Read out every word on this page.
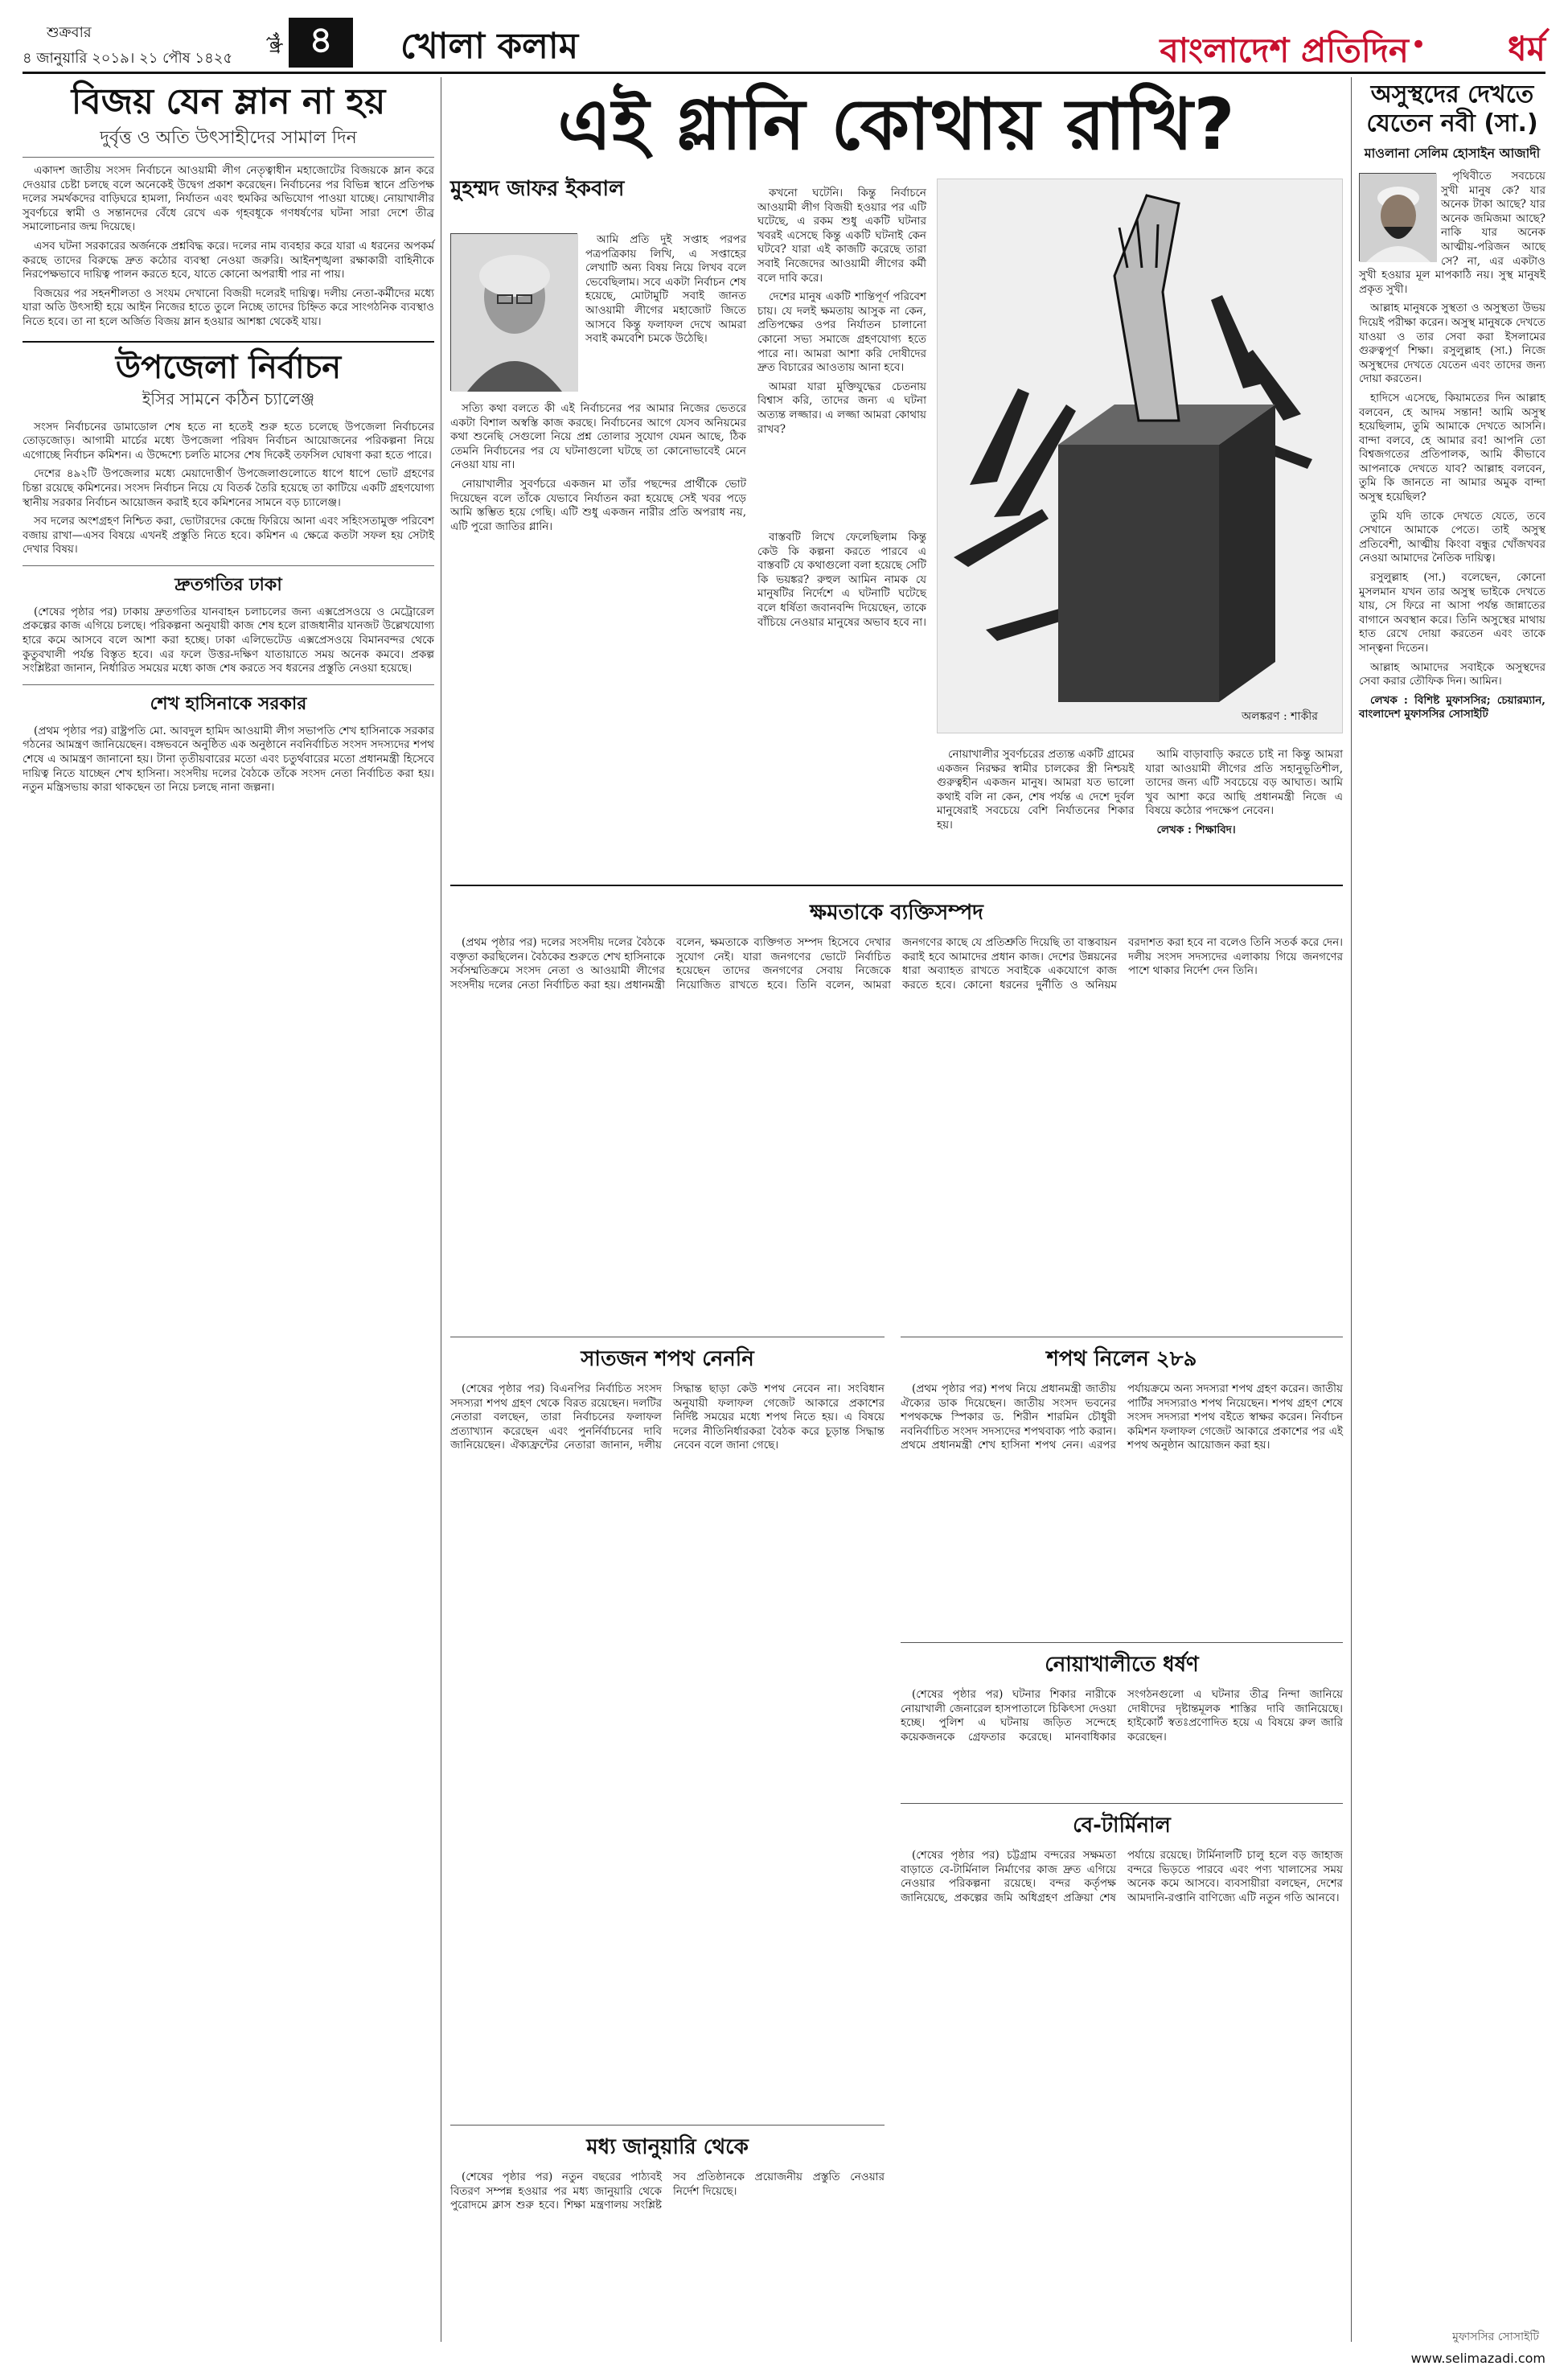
শুক্রবার
৪ জানুয়ারি ২০১৯। ২১ পৌষ ১৪২৫
পৃষ্ঠা ৪	খোলা কলাম	বাংলাদেশ প্রতিদিন • ধর্ম
বিজয় যেন ম্লান না হয়
দুর্বৃত্ত ও অতি উৎসাহীদের সামাল দিন

একাদশ জাতীয় সংসদ নির্বাচনে আওয়ামী লীগ নেতৃত্বাধীন মহাজোটের বিজয়কে ম্লান করে দেওয়ার চেষ্টা চলছে বলে অনেকেই উদ্বেগ প্রকাশ করেছেন। নির্বাচনের পর বিভিন্ন স্থানে প্রতিপক্ষ দলের সমর্থকদের বাড়িঘরে হামলা, নির্যাতন এবং হুমকির অভিযোগ পাওয়া যাচ্ছে। নোয়াখালীর সুবর্ণচরে স্বামী ও সন্তানদের বেঁধে রেখে এক গৃহবধূকে গণধর্ষণের ঘটনা সারা দেশে তীব্র সমালোচনার জন্ম দিয়েছে।

এসব ঘটনা সরকারের অর্জনকে প্রশ্নবিদ্ধ করে। দলের নাম ব্যবহার করে যারা এ ধরনের অপকর্ম করছে তাদের বিরুদ্ধে দ্রুত কঠোর ব্যবস্থা নেওয়া জরুরি। আইনশৃঙ্খলা রক্ষাকারী বাহিনীকে নিরপেক্ষভাবে দায়িত্ব পালন করতে হবে, যাতে কোনো অপরাধী পার না পায়।

বিজয়ের পর সহনশীলতা ও সংযম দেখানো বিজয়ী দলেরই দায়িত্ব। দলীয় নেতা-কর্মীদের মধ্যে যারা অতি উৎসাহী হয়ে আইন নিজের হাতে তুলে নিচ্ছে তাদের চিহ্নিত করে সাংগঠনিক ব্যবস্থাও নিতে হবে। তা না হলে অর্জিত বিজয় ম্লান হওয়ার আশঙ্কা থেকেই যায়।

উপজেলা নির্বাচন
ইসির সামনে কঠিন চ্যালেঞ্জ

সংসদ নির্বাচনের ডামাডোল শেষ হতে না হতেই শুরু হতে চলেছে উপজেলা নির্বাচনের তোড়জোড়। আগামী মার্চের মধ্যে উপজেলা পরিষদ নির্বাচন আয়োজনের পরিকল্পনা নিয়ে এগোচ্ছে নির্বাচন কমিশন। এ উদ্দেশ্যে চলতি মাসের শেষ দিকেই তফসিল ঘোষণা করা হতে পারে।

দেশের ৪৯২টি উপজেলার মধ্যে মেয়াদোত্তীর্ণ উপজেলাগুলোতে ধাপে ধাপে ভোট গ্রহণের চিন্তা রয়েছে কমিশনের। সংসদ নির্বাচন নিয়ে যে বিতর্ক তৈরি হয়েছে তা কাটিয়ে একটি গ্রহণযোগ্য স্থানীয় সরকার নির্বাচন আয়োজন করাই হবে কমিশনের সামনে বড় চ্যালেঞ্জ।

সব দলের অংশগ্রহণ নিশ্চিত করা, ভোটারদের কেন্দ্রে ফিরিয়ে আনা এবং সহিংসতামুক্ত পরিবেশ বজায় রাখা—এসব বিষয়ে এখনই প্রস্তুতি নিতে হবে। কমিশন এ ক্ষেত্রে কতটা সফল হয় সেটাই দেখার বিষয়।

দ্রুতগতির ঢাকা

(শেষের পৃষ্ঠার পর) ঢাকায় দ্রুতগতির যানবাহন চলাচলের জন্য এক্সপ্রেসওয়ে ও মেট্রোরেল প্রকল্পের কাজ এগিয়ে চলছে। পরিকল্পনা অনুযায়ী কাজ শেষ হলে রাজধানীর যানজট উল্লেখযোগ্য হারে কমে আসবে বলে আশা করা হচ্ছে। ঢাকা এলিভেটেড এক্সপ্রেসওয়ে বিমানবন্দর থেকে কুতুবখালী পর্যন্ত বিস্তৃত হবে। এর ফলে উত্তর-দক্ষিণ যাতায়াতে সময় অনেক কমবে। প্রকল্প সংশ্লিষ্টরা জানান, নির্ধারিত সময়ের মধ্যে কাজ শেষ করতে সব ধরনের প্রস্তুতি নেওয়া হয়েছে।

শেখ হাসিনাকে সরকার

(প্রথম পৃষ্ঠার পর) রাষ্ট্রপতি মো. আবদুল হামিদ আওয়ামী লীগ সভাপতি শেখ হাসিনাকে সরকার গঠনের আমন্ত্রণ জানিয়েছেন। বঙ্গভবনে অনুষ্ঠিত এক অনুষ্ঠানে নবনির্বাচিত সংসদ সদস্যদের শপথ শেষে এ আমন্ত্রণ জানানো হয়। টানা তৃতীয়বারের মতো এবং চতুর্থবারের মতো প্রধানমন্ত্রী হিসেবে দায়িত্ব নিতে যাচ্ছেন শেখ হাসিনা। সংসদীয় দলের বৈঠকে তাঁকে সংসদ নেতা নির্বাচিত করা হয়। নতুন মন্ত্রিসভায় কারা থাকছেন তা নিয়ে চলছে নানা জল্পনা।

এই গ্লানি কোথায় রাখি?
মুহম্মদ জাফর ইকবাল

আমি প্রতি দুই সপ্তাহ পরপর পত্রপত্রিকায় লিখি, এ সপ্তাহের লেখাটি অন্য বিষয় নিয়ে লিখব বলে ভেবেছিলাম। সবে একটা নির্বাচন শেষ হয়েছে, মোটামুটি সবাই জানত আওয়ামী লীগের মহাজোট জিতে আসবে কিন্তু ফলাফল দেখে আমরা সবাই কমবেশি চমকে উঠেছি।

সত্যি কথা বলতে কী এই নির্বাচনের পর আমার নিজের ভেতরে একটা বিশাল অস্বস্তি কাজ করছে। নির্বাচনের আগে যেসব অনিয়মের কথা শুনেছি সেগুলো নিয়ে প্রশ্ন তোলার সুযোগ যেমন আছে, ঠিক তেমনি নির্বাচনের পর যে ঘটনাগুলো ঘটছে তা কোনোভাবেই মেনে নেওয়া যায় না।

নোয়াখালীর সুবর্ণচরে একজন মা তাঁর পছন্দের প্রার্থীকে ভোট দিয়েছেন বলে তাঁকে যেভাবে নির্যাতন করা হয়েছে সেই খবর পড়ে আমি স্তম্ভিত হয়ে গেছি। এটি শুধু একজন নারীর প্রতি অপরাধ নয়, এটি পুরো জাতির গ্লানি।

কখনো ঘটেনি। কিন্তু নির্বাচনে আওয়ামী লীগ বিজয়ী হওয়ার পর এটি ঘটেছে, এ রকম শুধু একটি ঘটনার খবরই এসেছে কিন্তু একটি ঘটনাই কেন ঘটবে? যারা এই কাজটি করেছে তারা সবাই নিজেদের আওয়ামী লীগের কর্মী বলে দাবি করে।

দেশের মানুষ একটি শান্তিপূর্ণ পরিবেশ চায়। যে দলই ক্ষমতায় আসুক না কেন, প্রতিপক্ষের ওপর নির্যাতন চালানো কোনো সভ্য সমাজে গ্রহণযোগ্য হতে পারে না। আমরা আশা করি দোষীদের দ্রুত বিচারের আওতায় আনা হবে।

আমরা যারা মুক্তিযুদ্ধের চেতনায় বিশ্বাস করি, তাদের জন্য এ ঘটনা অত্যন্ত লজ্জার। এ লজ্জা আমরা কোথায় রাখব?

অলঙ্করণ : শাকীর

বাস্তবটি লিখে ফেলেছিলাম কিন্তু কেউ কি কল্পনা করতে পারবে এ বাস্তবটি যে কথাগুলো বলা হয়েছে সেটি কি ভয়ঙ্কর? রুহুল আমিন নামক যে মানুষটির নির্দেশে এ ঘটনাটি ঘটেছে বলে ধর্ষিতা জবানবন্দি দিয়েছেন, তাকে বাঁচিয়ে নেওয়ার মানুষের অভাব হবে না।

নোয়াখালীর সুবর্ণচরের প্রত্যন্ত একটি গ্রামের একজন নিরক্ষর স্বামীর চালকের স্ত্রী নিশ্চয়ই গুরুত্বহীন একজন মানুষ। আমরা যত ভালো কথাই বলি না কেন, শেষ পর্যন্ত এ দেশে দুর্বল মানুষেরাই সবচেয়ে বেশি নির্যাতনের শিকার হয়।

আমি বাড়াবাড়ি করতে চাই না কিন্তু আমরা যারা আওয়ামী লীগের প্রতি সহানুভূতিশীল, তাদের জন্য এটি সবচেয়ে বড় আঘাত। আমি খুব আশা করে আছি প্রধানমন্ত্রী নিজে এ বিষয়ে কঠোর পদক্ষেপ নেবেন।

লেখক : শিক্ষাবিদ।

ক্ষমতাকে ব্যক্তিসম্পদ

(প্রথম পৃষ্ঠার পর) দলের সংসদীয় দলের বৈঠকে বক্তৃতা করছিলেন। বৈঠকের শুরুতে শেখ হাসিনাকে সর্বসম্মতিক্রমে সংসদ নেতা ও আওয়ামী লীগের সংসদীয় দলের নেতা নির্বাচিত করা হয়। প্রধানমন্ত্রী বলেন, ক্ষমতাকে ব্যক্তিগত সম্পদ হিসেবে দেখার সুযোগ নেই। যারা জনগণের ভোটে নির্বাচিত হয়েছেন তাদের জনগণের সেবায় নিজেকে নিয়োজিত রাখতে হবে। তিনি বলেন, আমরা জনগণের কাছে যে প্রতিশ্রুতি দিয়েছি তা বাস্তবায়ন করাই হবে আমাদের প্রধান কাজ। দেশের উন্নয়নের ধারা অব্যাহত রাখতে সবাইকে একযোগে কাজ করতে হবে। কোনো ধরনের দুর্নীতি ও অনিয়ম বরদাশত করা হবে না বলেও তিনি সতর্ক করে দেন। দলীয় সংসদ সদস্যদের এলাকায় গিয়ে জনগণের পাশে থাকার নির্দেশ দেন তিনি।

সাতজন শপথ নেননি

(শেষের পৃষ্ঠার পর) বিএনপির নির্বাচিত সংসদ সদস্যরা শপথ গ্রহণ থেকে বিরত রয়েছেন। দলটির নেতারা বলছেন, তারা নির্বাচনের ফলাফল প্রত্যাখ্যান করেছেন এবং পুনর্নির্বাচনের দাবি জানিয়েছেন। ঐক্যফ্রন্টের নেতারা জানান, দলীয় সিদ্ধান্ত ছাড়া কেউ শপথ নেবেন না। সংবিধান অনুযায়ী ফলাফল গেজেট আকারে প্রকাশের নির্দিষ্ট সময়ের মধ্যে শপথ নিতে হয়। এ বিষয়ে দলের নীতিনির্ধারকরা বৈঠক করে চূড়ান্ত সিদ্ধান্ত নেবেন বলে জানা গেছে।

শপথ নিলেন ২৮৯

(প্রথম পৃষ্ঠার পর) শপথ নিয়ে প্রধানমন্ত্রী জাতীয় ঐক্যের ডাক দিয়েছেন। জাতীয় সংসদ ভবনের শপথকক্ষে স্পিকার ড. শিরীন শারমিন চৌধুরী নবনির্বাচিত সংসদ সদস্যদের শপথবাক্য পাঠ করান। প্রথমে প্রধানমন্ত্রী শেখ হাসিনা শপথ নেন। এরপর পর্যায়ক্রমে অন্য সদস্যরা শপথ গ্রহণ করেন। জাতীয় পার্টির সদস্যরাও শপথ নিয়েছেন। শপথ গ্রহণ শেষে সংসদ সদস্যরা শপথ বইতে স্বাক্ষর করেন। নির্বাচন কমিশন ফলাফল গেজেট আকারে প্রকাশের পর এই শপথ অনুষ্ঠান আয়োজন করা হয়।

নোয়াখালীতে ধর্ষণ

(শেষের পৃষ্ঠার পর) ঘটনার শিকার নারীকে নোয়াখালী জেনারেল হাসপাতালে চিকিৎসা দেওয়া হচ্ছে। পুলিশ এ ঘটনায় জড়িত সন্দেহে কয়েকজনকে গ্রেফতার করেছে। মানবাধিকার সংগঠনগুলো এ ঘটনার তীব্র নিন্দা জানিয়ে দোষীদের দৃষ্টান্তমূলক শাস্তির দাবি জানিয়েছে। হাইকোর্ট স্বতঃপ্রণোদিত হয়ে এ বিষয়ে রুল জারি করেছেন।

বে-টার্মিনাল

(শেষের পৃষ্ঠার পর) চট্টগ্রাম বন্দরের সক্ষমতা বাড়াতে বে-টার্মিনাল নির্মাণের কাজ দ্রুত এগিয়ে নেওয়ার পরিকল্পনা রয়েছে। বন্দর কর্তৃপক্ষ জানিয়েছে, প্রকল্পের জমি অধিগ্রহণ প্রক্রিয়া শেষ পর্যায়ে রয়েছে। টার্মিনালটি চালু হলে বড় জাহাজ বন্দরে ভিড়তে পারবে এবং পণ্য খালাসের সময় অনেক কমে আসবে। ব্যবসায়ীরা বলছেন, দেশের আমদানি-রপ্তানি বাণিজ্যে এটি নতুন গতি আনবে।

মধ্য জানুয়ারি থেকে

(শেষের পৃষ্ঠার পর) নতুন বছরের পাঠ্যবই বিতরণ সম্পন্ন হওয়ার পর মধ্য জানুয়ারি থেকে পুরোদমে ক্লাস শুরু হবে। শিক্ষা মন্ত্রণালয় সংশ্লিষ্ট সব প্রতিষ্ঠানকে প্রয়োজনীয় প্রস্তুতি নেওয়ার নির্দেশ দিয়েছে।

অসুস্থদের দেখতে যেতেন নবী (সা.)
মাওলানা সেলিম হোসাইন আজাদী

পৃথিবীতে সবচেয়ে সুখী মানুষ কে? যার অনেক টাকা আছে? যার অনেক জমিজমা আছে? নাকি যার অনেক আত্মীয়-পরিজন আছে সে? না, এর একটাও সুখী হওয়ার মূল মাপকাঠি নয়। সুস্থ মানুষই প্রকৃত সুখী।

আল্লাহ মানুষকে সুস্থতা ও অসুস্থতা উভয় দিয়েই পরীক্ষা করেন। অসুস্থ মানুষকে দেখতে যাওয়া ও তার সেবা করা ইসলামের গুরুত্বপূর্ণ শিক্ষা। রসুলুল্লাহ (সা.) নিজে অসুস্থদের দেখতে যেতেন এবং তাদের জন্য দোয়া করতেন।

হাদিসে এসেছে, কিয়ামতের দিন আল্লাহ বলবেন, হে আদম সন্তান! আমি অসুস্থ হয়েছিলাম, তুমি আমাকে দেখতে আসনি। বান্দা বলবে, হে আমার রব! আপনি তো বিশ্বজগতের প্রতিপালক, আমি কীভাবে আপনাকে দেখতে যাব? আল্লাহ বলবেন, তুমি কি জানতে না আমার অমুক বান্দা অসুস্থ হয়েছিল?

তুমি যদি তাকে দেখতে যেতে, তবে সেখানে আমাকে পেতে। তাই অসুস্থ প্রতিবেশী, আত্মীয় কিংবা বন্ধুর খোঁজখবর নেওয়া আমাদের নৈতিক দায়িত্ব।

রসুলুল্লাহ (সা.) বলেছেন, কোনো মুসলমান যখন তার অসুস্থ ভাইকে দেখতে যায়, সে ফিরে না আসা পর্যন্ত জান্নাতের বাগানে অবস্থান করে। তিনি অসুস্থের মাথায় হাত রেখে দোয়া করতেন এবং তাকে সান্ত্বনা দিতেন।

আল্লাহ আমাদের সবাইকে অসুস্থদের সেবা করার তৌফিক দিন। আমিন।

লেখক : বিশিষ্ট মুফাসসির; চেয়ারম্যান, বাংলাদেশ মুফাসসির সোসাইটি

মুফাসসির সোসাইটি
www.selimazadi.com
